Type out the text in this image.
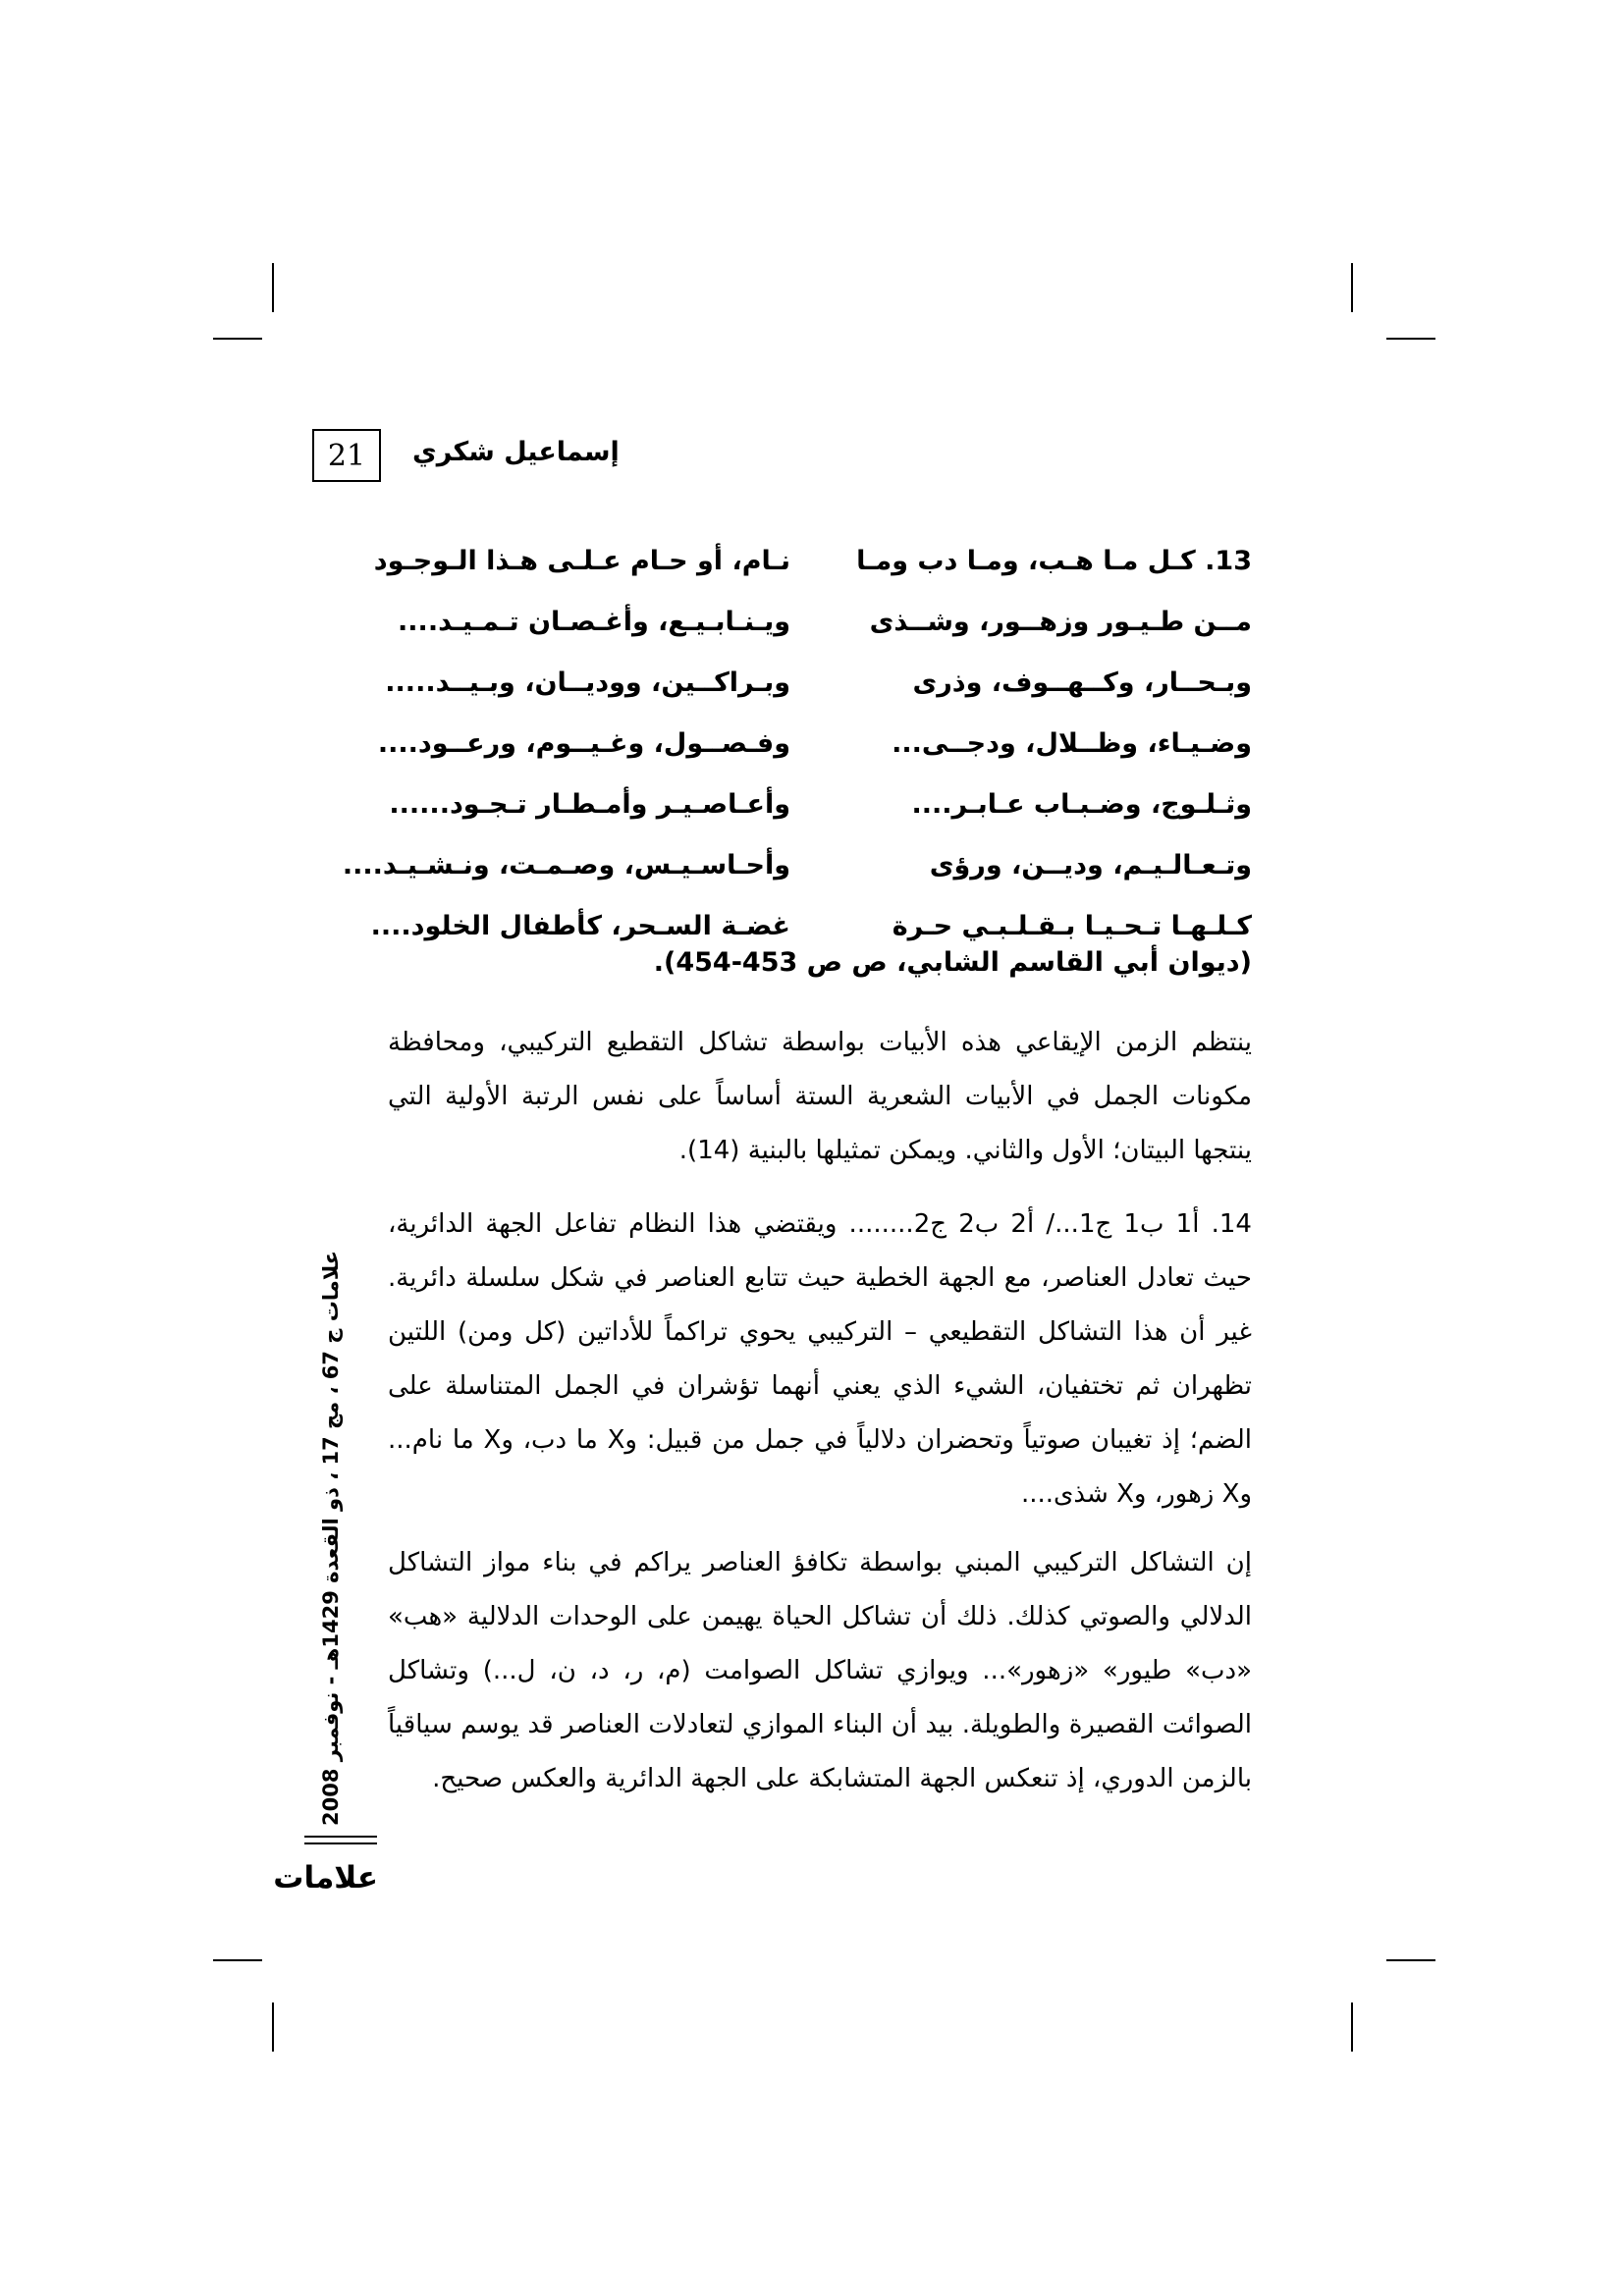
21	إسماعيل شكري
13. كـل مـا هـب، ومـا دب ومـا
نـام، أو حـام عـلـى هـذا الـوجـود
مــن طـيـور وزهــور، وشــذى
ويـنـابـيـع، وأغـصـان تـمـيـد....
وبـحــار، وكــهــوف، وذرى
وبـراكــين، ووديــان، وبـيــد.....
وضـيـاء، وظــلال، ودجــى...
وفـصــول، وغـيــوم، ورعــود....
وثـلـوج، وضـبـاب عـابـر....
وأعـاصـيـر وأمـطـار تـجـود......
وتـعـالـيـم، وديــن، ورؤى
وأحـاسـيـس، وصـمـت، ونـشـيـد....
كـلـهـا تـحـيـا بـقـلـبـي حـرة
غضـة السـحر، كأطفال الخلود....
(ديوان أبي القاسم الشابي، ص ص 453-454).
ينتظم الزمن الإيقاعي هذه الأبيات بواسطة تشاكل التقطيع التركيبي، ومحافظة مكونات الجمل في الأبيات الشعرية الستة أساساً على نفس الرتبة الأولية التي ينتجها البيتان؛ الأول والثاني. ويمكن تمثيلها بالبنية (14).
14. أ1 ب1 ج1.../ أ2 ب2 ج2........ ويقتضي هذا النظام تفاعل الجهة الدائرية، حيث تعادل العناصر، مع الجهة الخطية حيث تتابع العناصر في شكل سلسلة دائرية. غير أن هذا التشاكل التقطيعي – التركيبي يحوي تراكماً للأداتين (كل ومن) اللتين تظهران ثم تختفيان، الشيء الذي يعني أنهما تؤشران في الجمل المتناسلة على الضم؛ إذ تغيبان صوتياً وتحضران دلالياً في جمل من قبيل: وX ما دب، وX ما نام... وX زهور، وX شذى....
إن التشاكل التركيبي المبني بواسطة تكافؤ العناصر يراكم في بناء مواز التشاكل الدلالي والصوتي كذلك. ذلك أن تشاكل الحياة يهيمن على الوحدات الدلالية «هب» «دب» طيور» «زهور»... ويوازي تشاكل الصوامت (م، ر، د، ن، ل...) وتشاكل الصوائت القصيرة والطويلة. بيد أن البناء الموازي لتعادلات العناصر قد يوسم سياقياً بالزمن الدوري، إذ تنعكس الجهة المتشابكة على الجهة الدائرية والعكس صحيح.
علامات ج 67 ، مج 17 ، ذو القعدة 1429هـ - نوفمبر 2008
علامات
